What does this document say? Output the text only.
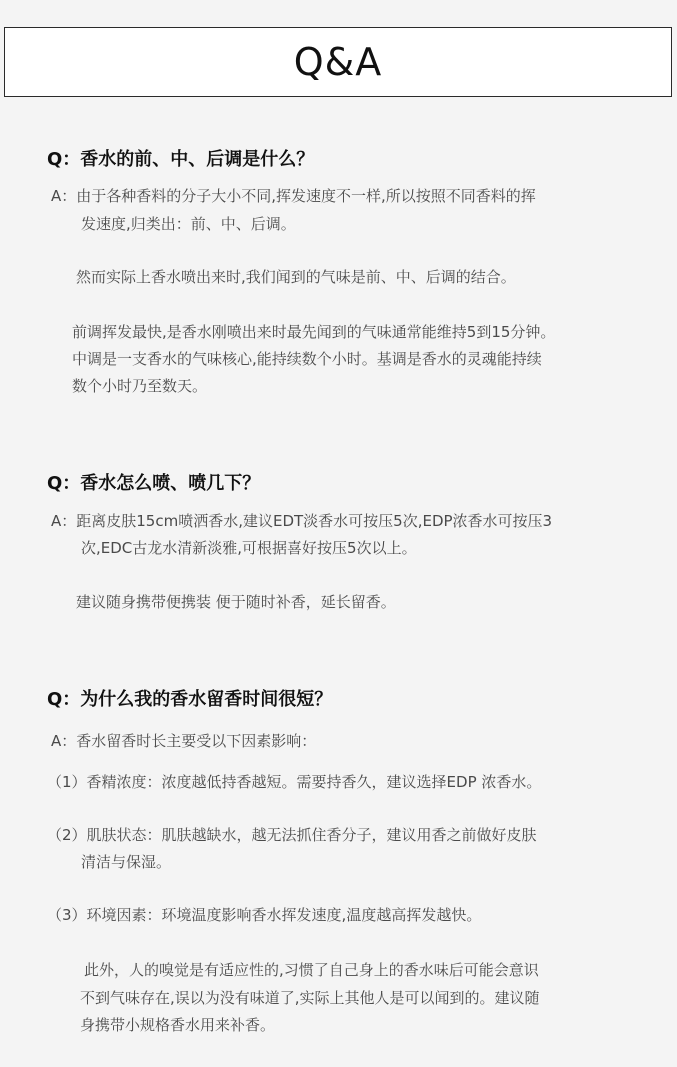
Q&A
Q：香水的前、中、后调是什么？
A：由于各种香料的分子大小不同,挥发速度不一样,所以按照不同香料的挥
发速度,归类出：前、中、后调。
然而实际上香水喷出来时,我们闻到的气味是前、中、后调的结合。
前调挥发最快,是香水刚喷出来时最先闻到的气味通常能维持5到15分钟。
中调是一支香水的气味核心,能持续数个小时。基调是香水的灵魂能持续
数个小时乃至数天。
Q：香水怎么喷、喷几下？
A：距离皮肤15cm喷洒香水,建议EDT淡香水可按压5次,EDP浓香水可按压3
次,EDC古龙水清新淡雅,可根据喜好按压5次以上。
建议随身携带便携装 便于随时补香，延长留香。
Q：为什么我的香水留香时间很短？
A：香水留香时长主要受以下因素影响：
（1）香精浓度：浓度越低持香越短。需要持香久，建议选择EDP 浓香水。
（2）肌肤状态：肌肤越缺水，越无法抓住香分子，建议用香之前做好皮肤
清洁与保湿。
（3）环境因素：环境温度影响香水挥发速度,温度越高挥发越快。
此外，人的嗅觉是有适应性的,习惯了自己身上的香水味后可能会意识
不到气味存在,误以为没有味道了,实际上其他人是可以闻到的。建议随
身携带小规格香水用来补香。
